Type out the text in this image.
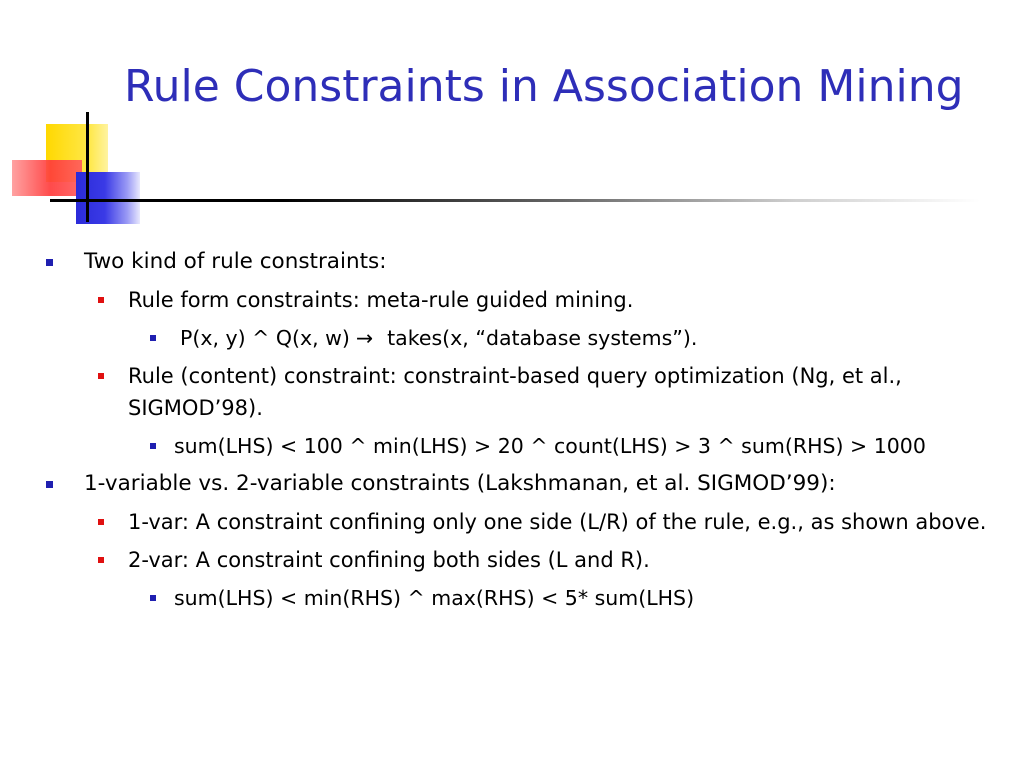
Rule Constraints in Association Mining

Two kind of rule constraints:

Rule form constraints: meta-rule guided mining.

P(x, y) ^ Q(x, w) → takes(x, “database systems”).

Rule (content) constraint: constraint-based query optimization (Ng, et al., SIGMOD’98).

sum(LHS) < 100 ^ min(LHS) > 20 ^ count(LHS) > 3 ^ sum(RHS) > 1000

1-variable vs. 2-variable constraints (Lakshmanan, et al. SIGMOD’99):

1-var: A constraint confining only one side (L/R) of the rule, e.g., as shown above.

2-var: A constraint confining both sides (L and R).

sum(LHS) < min(RHS) ^ max(RHS) < 5* sum(LHS)
